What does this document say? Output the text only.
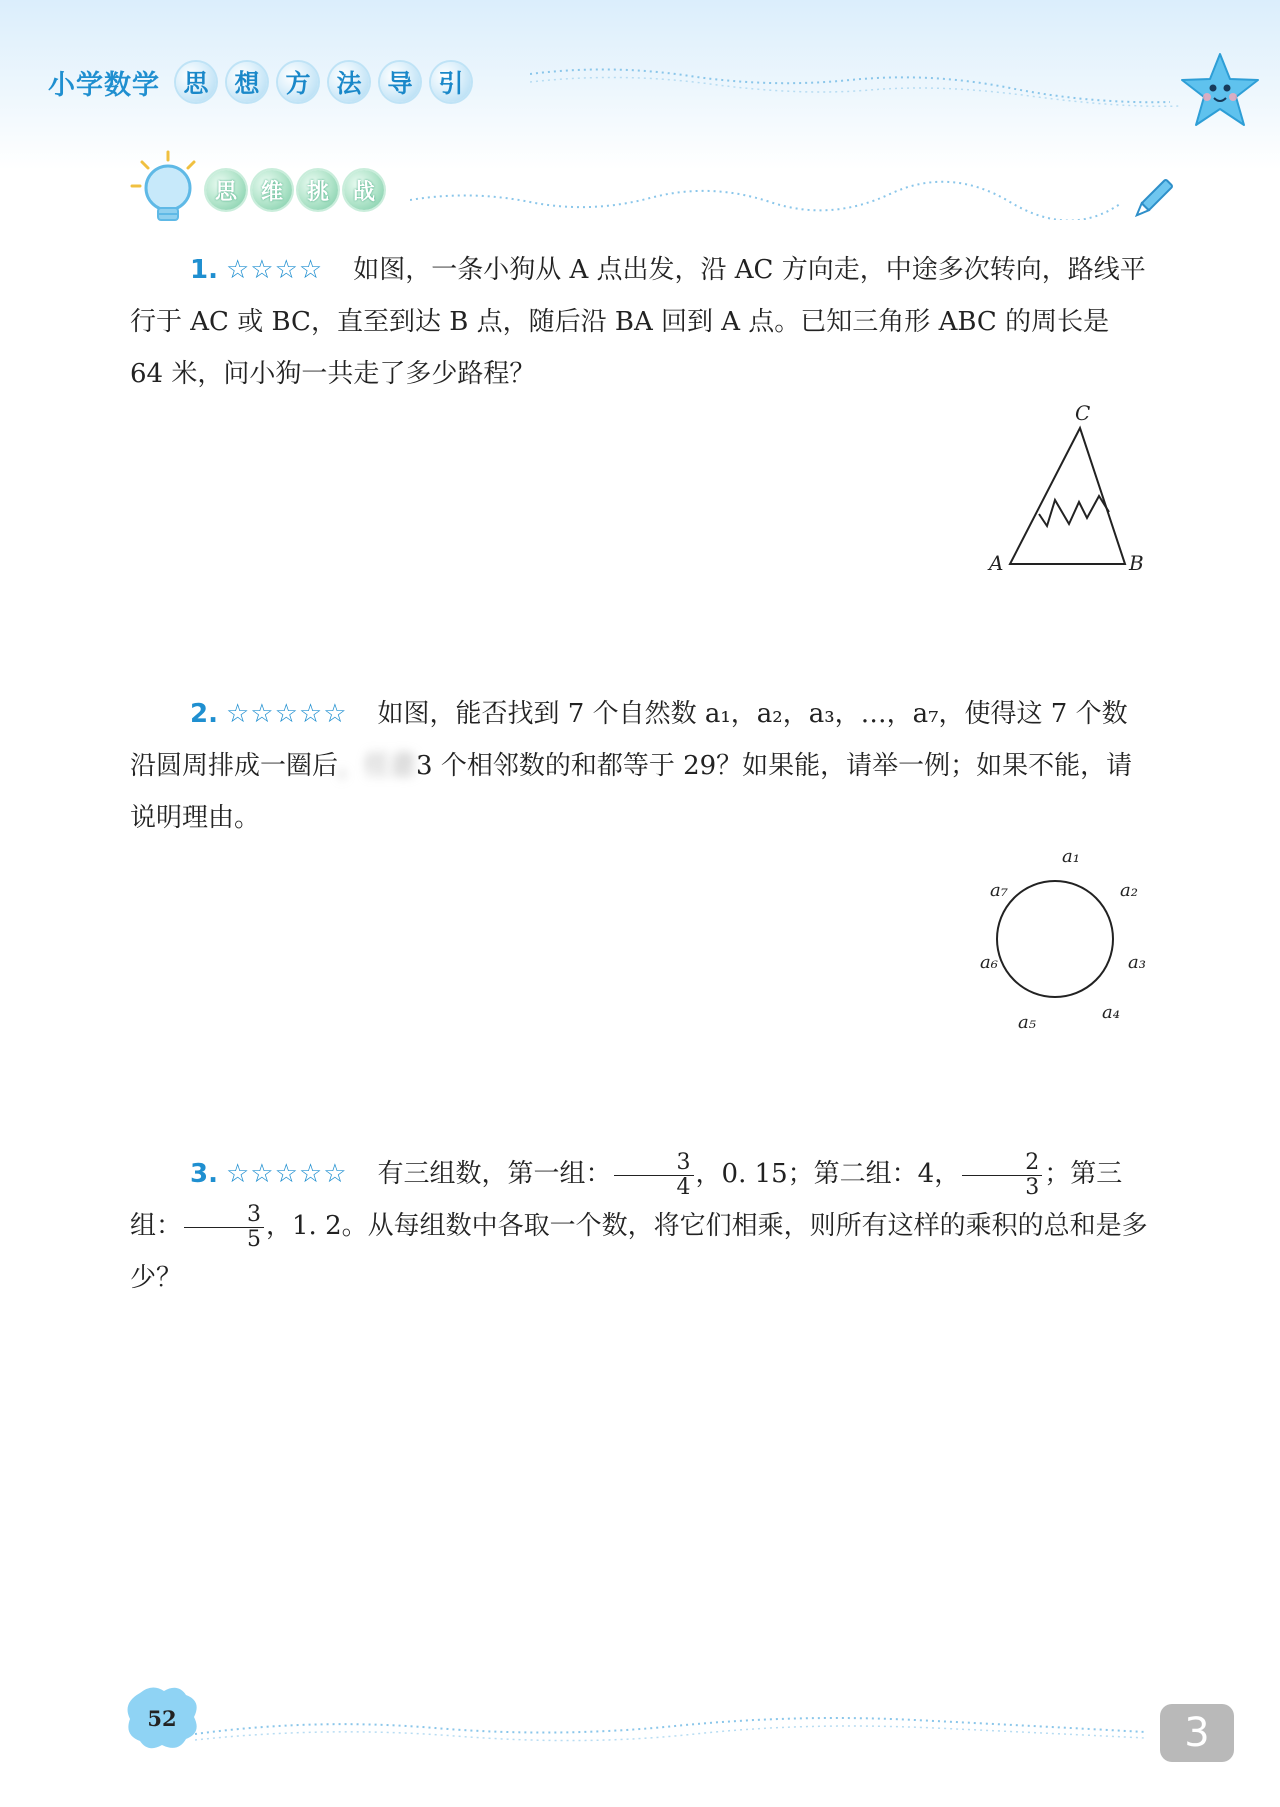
小学数学 思	想	方	法	导	引
思	维	挑	战

1. ☆☆☆☆ 如图，一条小狗从 A 点出发，沿 AC 方向走，中途多次转向，路线平行于 AC 或 BC，直至到达 B 点，随后沿 BA 回到 A 点。已知三角形 ABC 的周长是 64 米，问小狗一共走了多少路程？

C
A	B

2. ☆☆☆☆☆ 如图，能否找到 7 个自然数 a₁，a₂，a₃，…，a₇，使得这 7 个数沿圆周排成一圈后，任意3 个相邻数的和都等于 29？如果能，请举一例；如果不能，请说明理由。

a₁
a₂
a₃
a₄
a₅
a₆
a₇

3. ☆☆☆☆☆ 有三组数，第一组： $\frac{3}{4}$ ，0. 15；第二组：4， $\frac{2}{3}$ ；第三组： $\frac{3}{5}$ ，1. 2。从每组数中各取一个数，将它们相乘，则所有这样的乘积的总和是多少？

52	3
